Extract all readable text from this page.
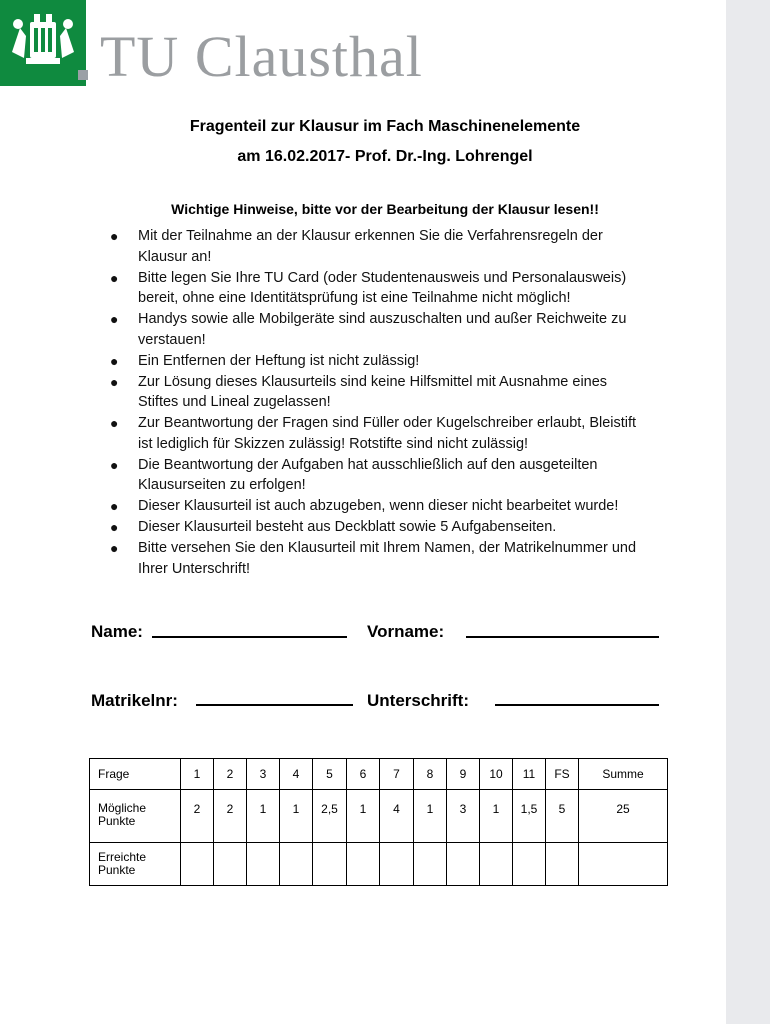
TU Clausthal
Fragenteil zur Klausur im Fach Maschinenelemente
am 16.02.2017- Prof. Dr.-Ing. Lohrengel
Wichtige Hinweise, bitte vor der Bearbeitung der Klausur lesen!!
● Mit der Teilnahme an der Klausur erkennen Sie die Verfahrensregeln der
Klausur an!
● Bitte legen Sie Ihre TU Card (oder Studentenausweis und Personalausweis)
bereit, ohne eine Identitätsprüfung ist eine Teilnahme nicht möglich!
● Handys sowie alle Mobilgeräte sind auszuschalten und außer Reichweite zu
verstauen!
● Ein Entfernen der Heftung ist nicht zulässig!
● Zur Lösung dieses Klausurteils sind keine Hilfsmittel mit Ausnahme eines
Stiftes und Lineal zugelassen!
● Zur Beantwortung der Fragen sind Füller oder Kugelschreiber erlaubt, Bleistift
ist lediglich für Skizzen zulässig! Rotstifte sind nicht zulässig!
● Die Beantwortung der Aufgaben hat ausschließlich auf den ausgeteilten
Klausurseiten zu erfolgen!
● Dieser Klausurteil ist auch abzugeben, wenn dieser nicht bearbeitet wurde!
● Dieser Klausurteil besteht aus Deckblatt sowie 5 Aufgabenseiten.
● Bitte versehen Sie den Klausurteil mit Ihrem Namen, der Matrikelnummer und
Ihrer Unterschrift!
Name:	Vorname:
Matrikelnr:	Unterschrift:
Frage	1	2	3	4	5	6	7	8	9	10	11	FS	Summe
Mögliche
Punkte	2	2	1	1	2,5	1	4	1	3	1	1,5	5	25
Erreichte
Punkte													
